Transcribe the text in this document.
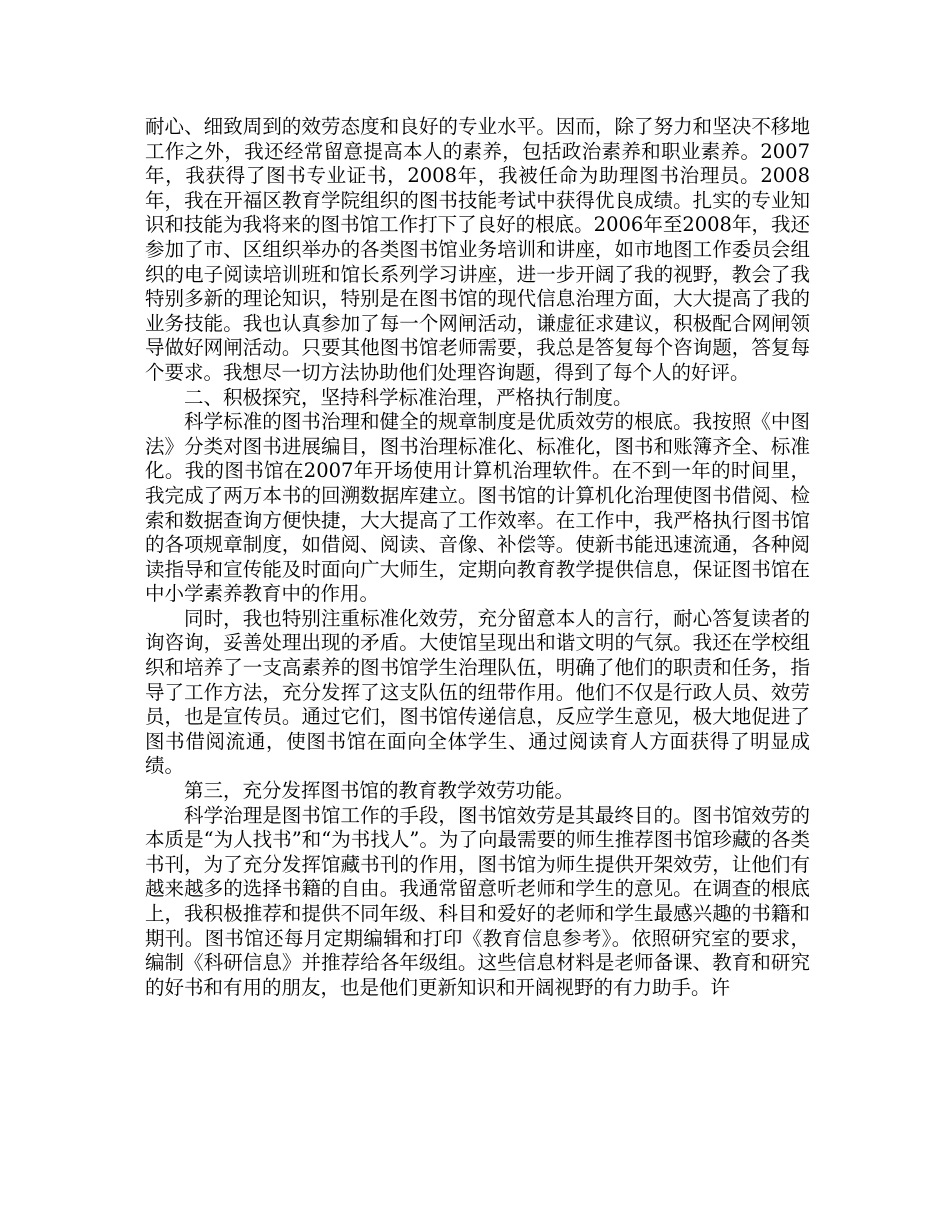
耐心、细致周到的效劳态度和良好的专业水平。因而，除了努力和坚决不移地工作之外，我还经常留意提高本人的素养，包括政治素养和职业素养。2007年，我获得了图书专业证书，2008年，我被任命为助理图书治理员。2008年，我在开福区教育学院组织的图书技能考试中获得优良成绩。扎实的专业知识和技能为我将来的图书馆工作打下了良好的根底。2006年至2008年，我还参加了市、区组织举办的各类图书馆业务培训和讲座，如市地图工作委员会组织的电子阅读培训班和馆长系列学习讲座，进一步开阔了我的视野，教会了我特别多新的理论知识，特别是在图书馆的现代信息治理方面，大大提高了我的业务技能。我也认真参加了每一个网闸活动，谦虚征求建议，积极配合网闸领导做好网闸活动。只要其他图书馆老师需要，我总是答复每个咨询题，答复每个要求。我想尽一切方法协助他们处理咨询题，得到了每个人的好评。

二、积极探究，坚持科学标准治理，严格执行制度。

科学标准的图书治理和健全的规章制度是优质效劳的根底。我按照《中图法》分类对图书进展编目，图书治理标准化、标准化，图书和账簿齐全、标准化。我的图书馆在2007年开场使用计算机治理软件。在不到一年的时间里，我完成了两万本书的回溯数据库建立。图书馆的计算机化治理使图书借阅、检索和数据查询方便快捷，大大提高了工作效率。在工作中，我严格执行图书馆的各项规章制度，如借阅、阅读、音像、补偿等。使新书能迅速流通，各种阅读指导和宣传能及时面向广大师生，定期向教育教学提供信息，保证图书馆在中小学素养教育中的作用。

同时，我也特别注重标准化效劳，充分留意本人的言行，耐心答复读者的询咨询，妥善处理出现的矛盾。大使馆呈现出和谐文明的气氛。我还在学校组织和培养了一支高素养的图书馆学生治理队伍，明确了他们的职责和任务，指导了工作方法，充分发挥了这支队伍的纽带作用。他们不仅是行政人员、效劳员，也是宣传员。通过它们，图书馆传递信息，反应学生意见，极大地促进了图书借阅流通，使图书馆在面向全体学生、通过阅读育人方面获得了明显成绩。

第三，充分发挥图书馆的教育教学效劳功能。

科学治理是图书馆工作的手段，图书馆效劳是其最终目的。图书馆效劳的本质是“为人找书”和“为书找人”。为了向最需要的师生推荐图书馆珍藏的各类书刊，为了充分发挥馆藏书刊的作用，图书馆为师生提供开架效劳，让他们有越来越多的选择书籍的自由。我通常留意听老师和学生的意见。在调查的根底上，我积极推荐和提供不同年级、科目和爱好的老师和学生最感兴趣的书籍和期刊。图书馆还每月定期编辑和打印《教育信息参考》。依照研究室的要求，编制《科研信息》并推荐给各年级组。这些信息材料是老师备课、教育和研究的好书和有用的朋友，也是他们更新知识和开阔视野的有力助手。许
